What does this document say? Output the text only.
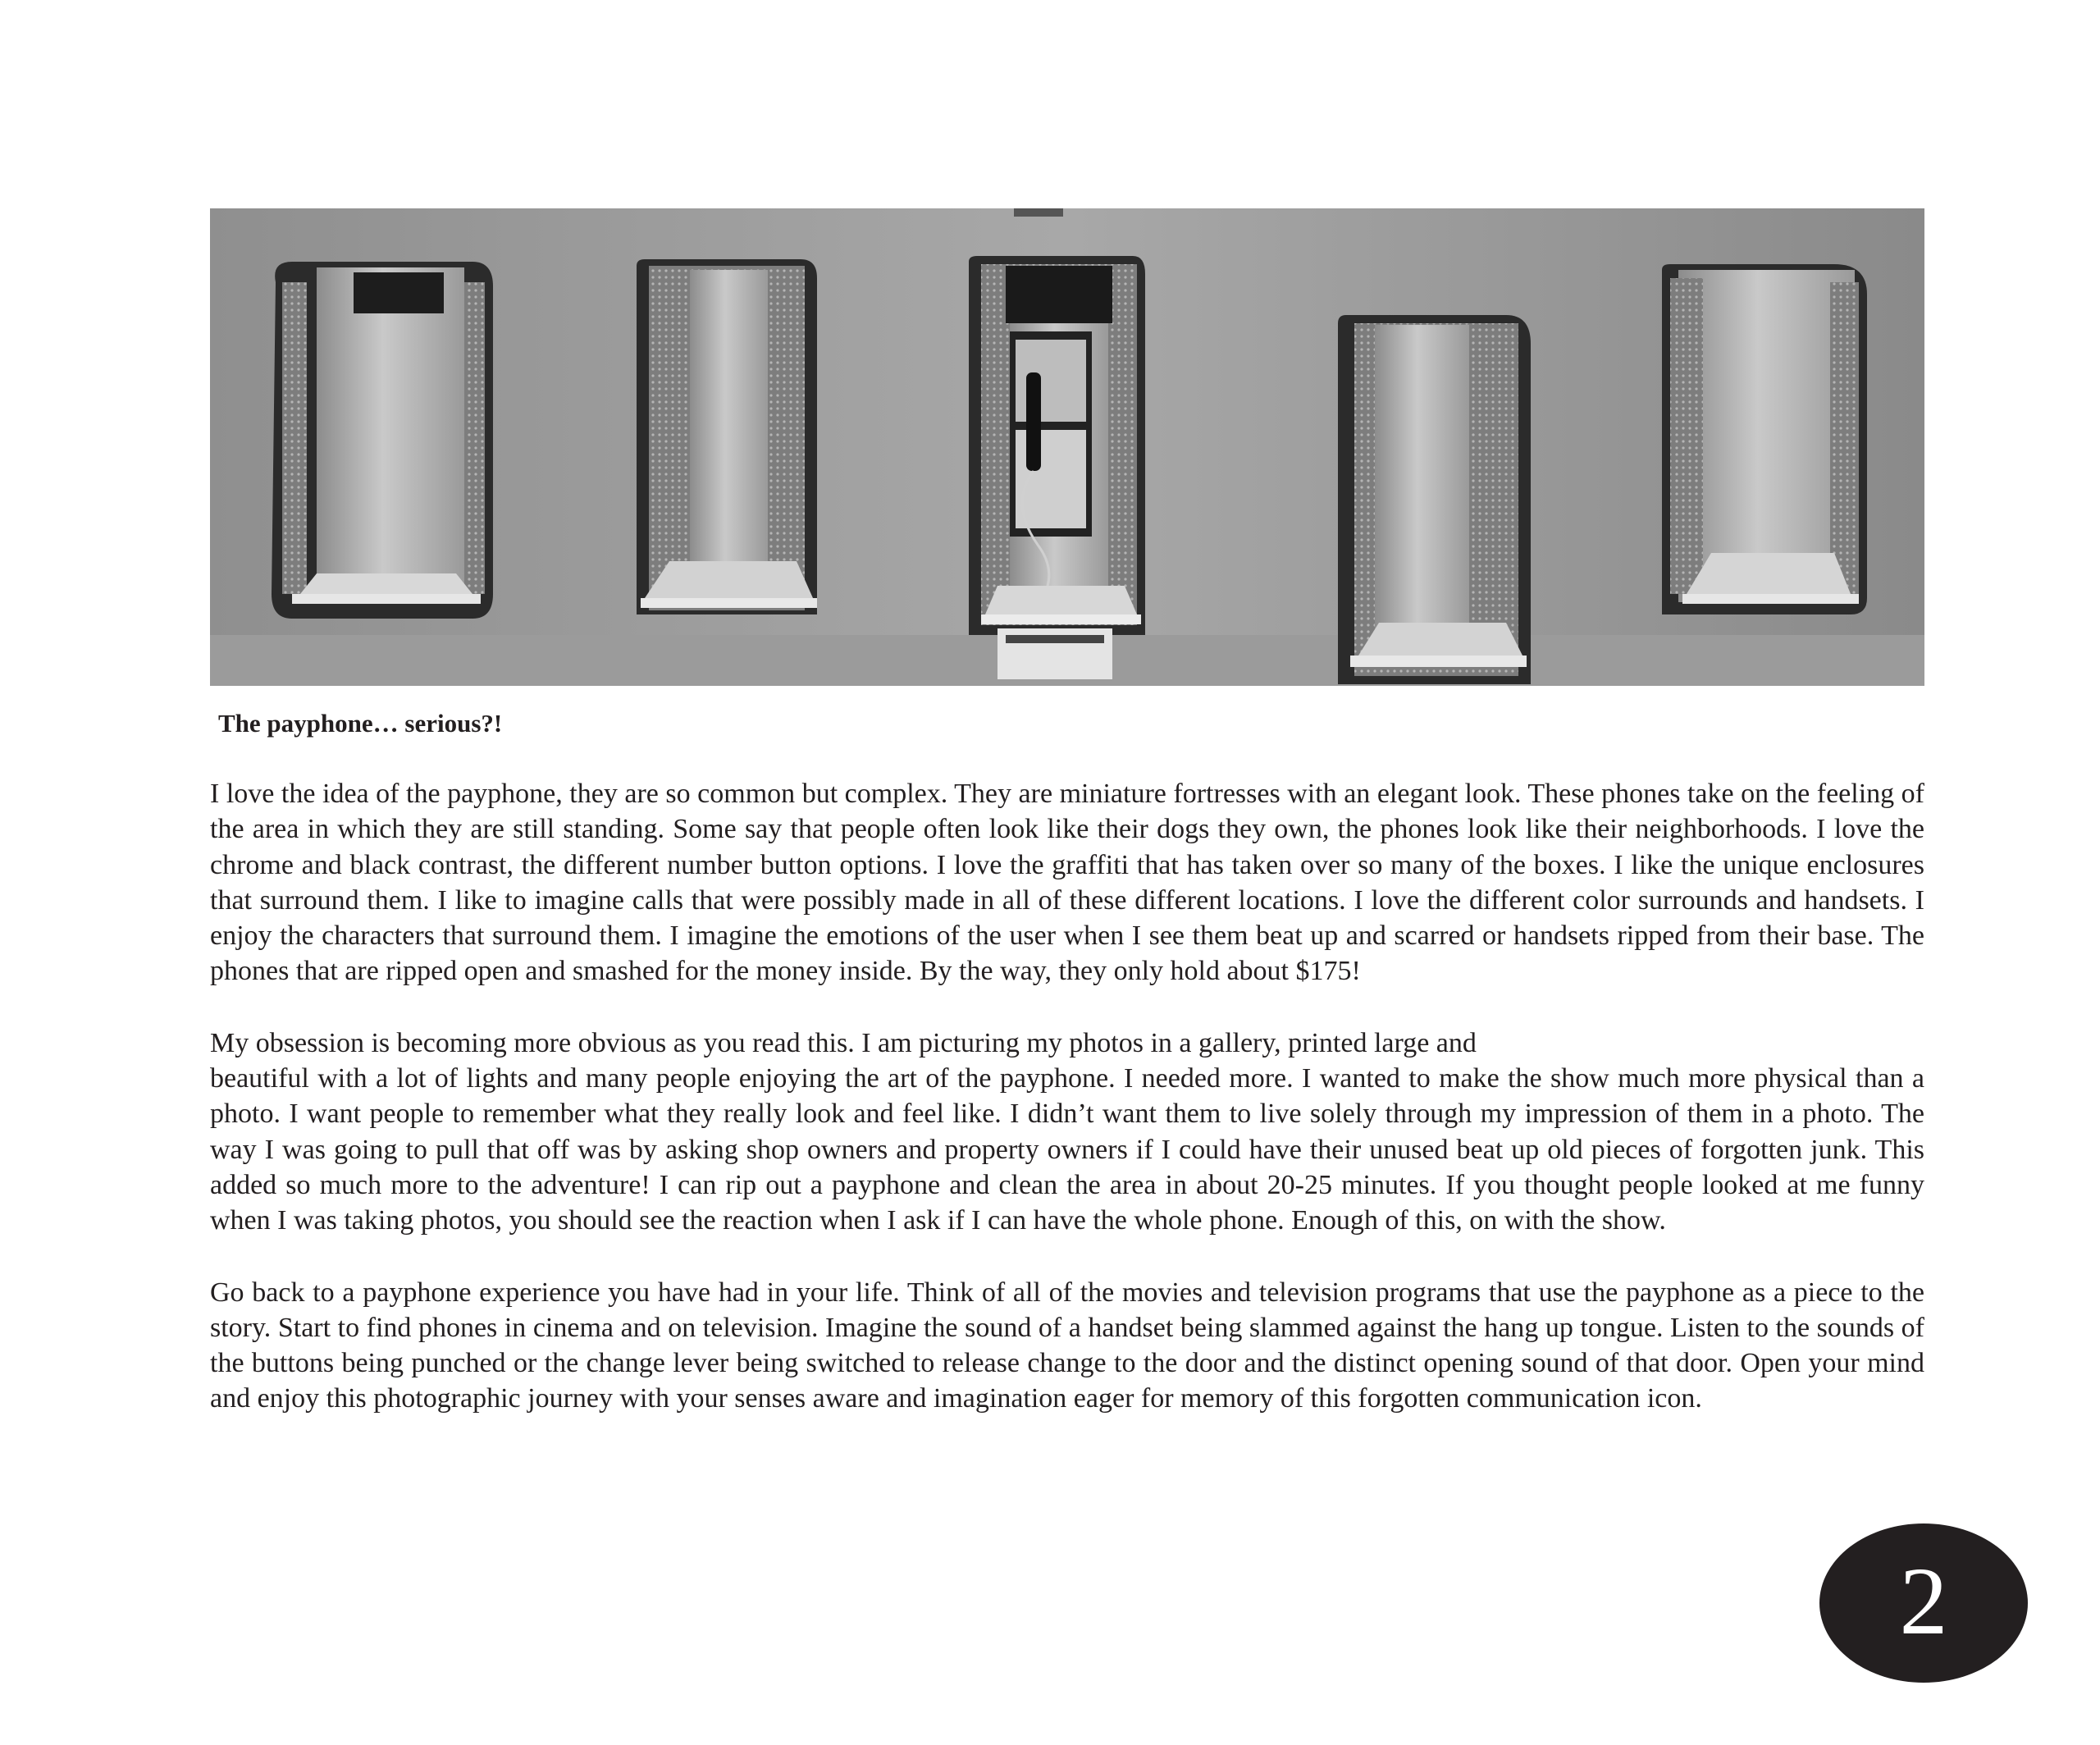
The payphone… serious?!
I love the idea of the payphone, they are so common but complex. They are miniature fortresses with an elegant look. These phones take on the feeling of the area in which they are still standing. Some say that people often look like their dogs they own, the phones look like their neighborhoods. I love the chrome and black contrast, the different number button options. I love the graffiti that has taken over so many of the boxes. I like the unique enclosures that surround them. I like to imagine calls that were possibly made in all of these different locations. I love the different color surrounds and handsets. I enjoy the characters that surround them. I imagine the emotions of the user when I see them beat up and scarred or handsets ripped from their base. The phones that are ripped open and smashed for the money inside. By the way, they only hold about $175!
My obsession is becoming more obvious as you read this. I am picturing my photos in a gallery, printed large and
beautiful with a lot of lights and many people enjoying the art of the payphone. I needed more. I wanted to make the show much more physical than a photo. I want people to remember what they really look and feel like. I didn’t want them to live solely through my impression of them in a photo. The way I was going to pull that off was by asking shop owners and property owners if I could have their unused beat up old pieces of forgotten junk. This added so much more to the adventure! I can rip out a payphone and clean the area in about 20-25 minutes. If you thought people looked at me funny when I was taking photos, you should see the reaction when I ask if I can have the whole phone. Enough of this, on with the show.
Go back to a payphone experience you have had in your life. Think of all of the movies and television programs that use the payphone as a piece to the story. Start to find phones in cinema and on television. Imagine the sound of a handset being slammed against the hang up tongue. Listen to the sounds of the buttons being punched or the change lever being switched to release change to the door and the distinct opening sound of that door. Open your mind and enjoy this photographic journey with your senses aware and imagination eager for memory of this forgotten communication icon.
2
